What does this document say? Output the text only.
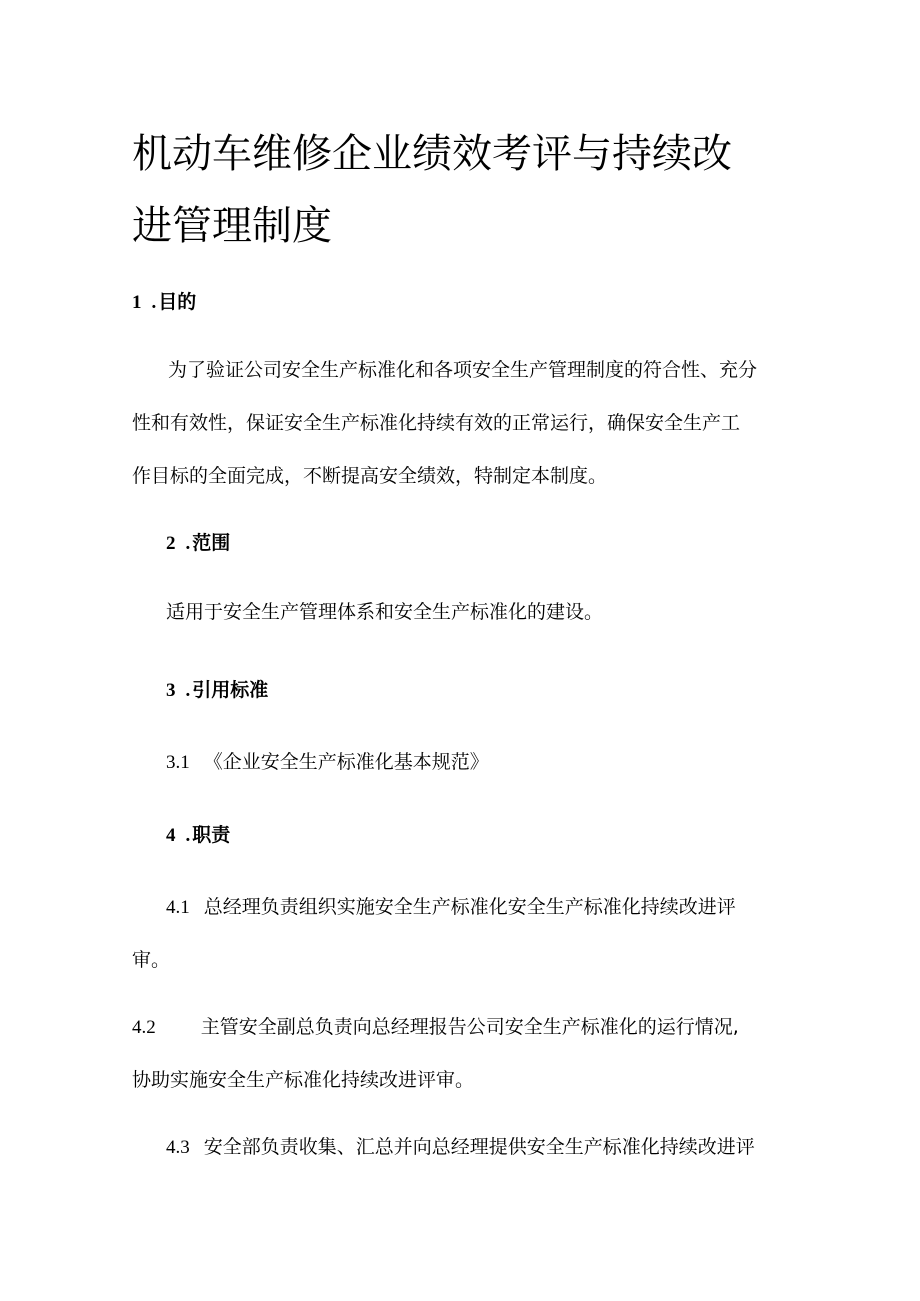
机动车维修企业绩效考评与持续改
进管理制度
1 . 目的

为了验证公司安全生产标准化和各项安全生产管理制度的符合性、充分
性和有效性，保证安全生产标准化持续有效的正常运行，确保安全生产工
作目标的全面完成，不断提高安全绩效，特制定本制度。

2 . 范围

适用于安全生产管理体系和安全生产标准化的建设。

3 . 引用标准

3.1 《企业安全生产标准化基本规范》

4 . 职责

4.1 总经理负责组织实施安全生产标准化安全生产标准化持续改进评
审。

4.2 主管安全副总负责向总经理报告公司安全生产标准化的运行情况,
协助实施安全生产标准化持续改进评审。

4.3 安全部负责收集、汇总并向总经理提供安全生产标准化持续改进评
